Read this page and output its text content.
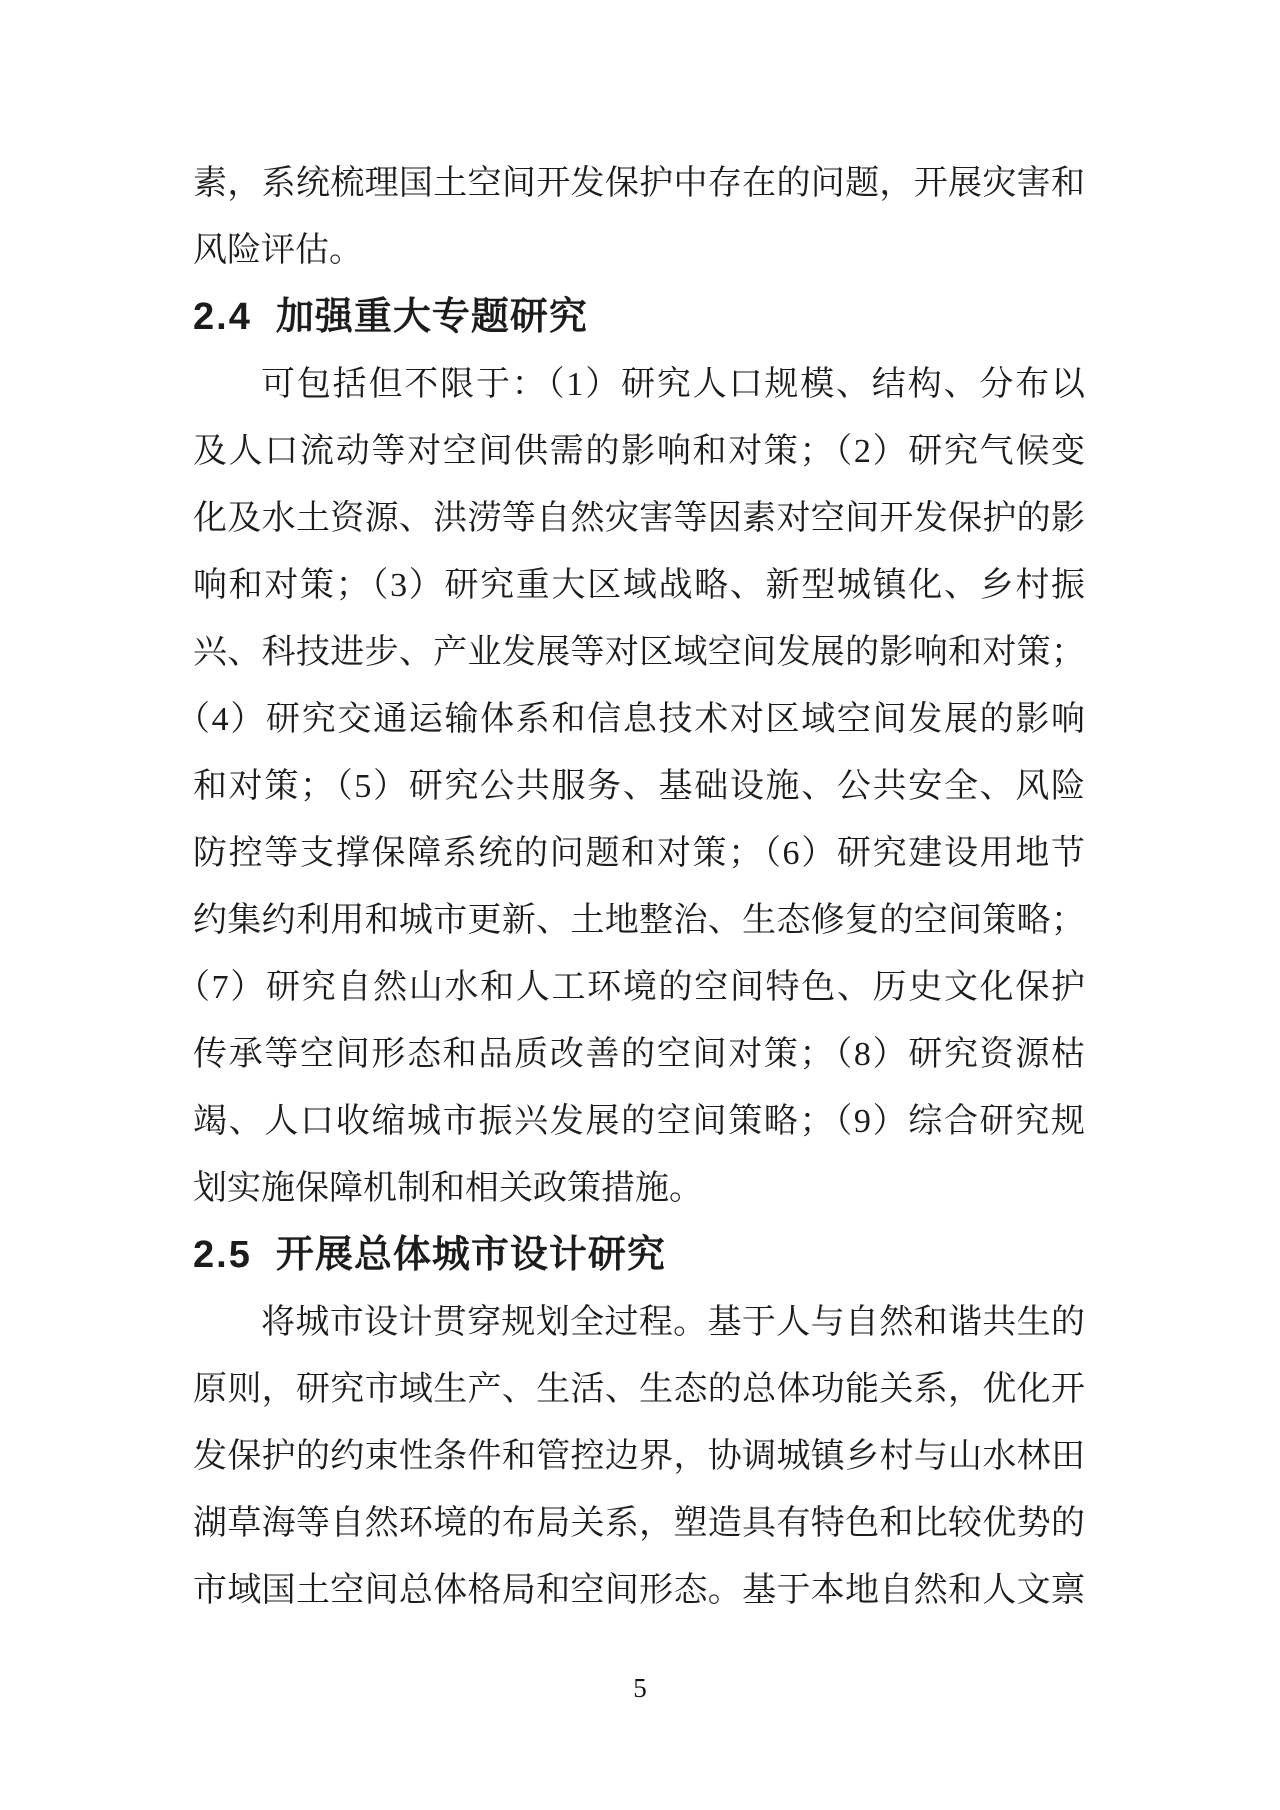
素，系统梳理国土空间开发保护中存在的问题，开展灾害和
风险评估。
2.4 加强重大专题研究
可包括但不限于：（1）研究人口规模、结构、分布以
及人口流动等对空间供需的影响和对策；（2）研究气候变
化及水土资源、洪涝等自然灾害等因素对空间开发保护的影
响和对策；（3）研究重大区域战略、新型城镇化、乡村振
兴、科技进步、产业发展等对区域空间发展的影响和对策；
（4）研究交通运输体系和信息技术对区域空间发展的影响
和对策；（5）研究公共服务、基础设施、公共安全、风险
防控等支撑保障系统的问题和对策；（6）研究建设用地节
约集约利用和城市更新、土地整治、生态修复的空间策略；
（7）研究自然山水和人工环境的空间特色、历史文化保护
传承等空间形态和品质改善的空间对策；（8）研究资源枯
竭、人口收缩城市振兴发展的空间策略；（9）综合研究规
划实施保障机制和相关政策措施。
2.5 开展总体城市设计研究
将城市设计贯穿规划全过程。基于人与自然和谐共生的
原则，研究市域生产、生活、生态的总体功能关系，优化开
发保护的约束性条件和管控边界，协调城镇乡村与山水林田
湖草海等自然环境的布局关系，塑造具有特色和比较优势的
市域国土空间总体格局和空间形态。基于本地自然和人文禀
5
